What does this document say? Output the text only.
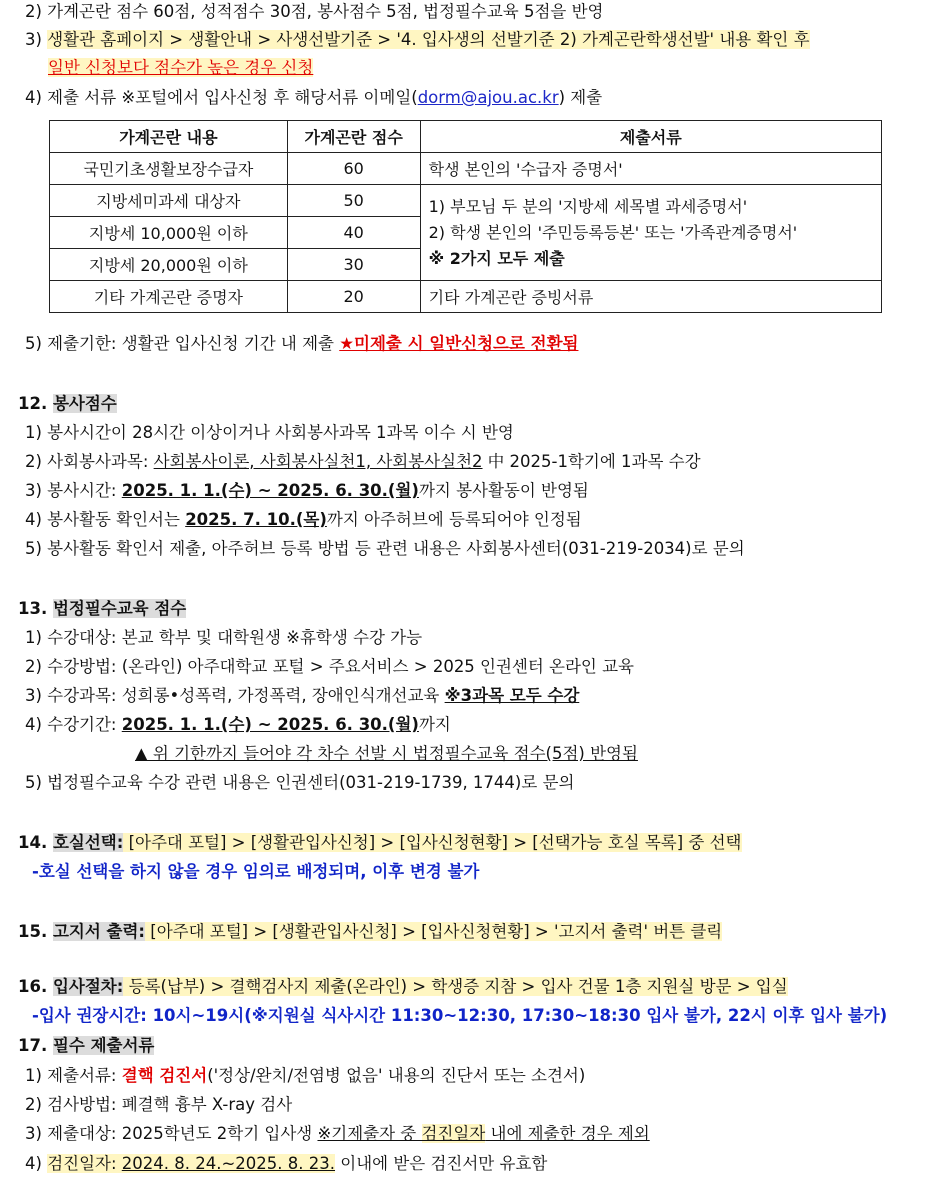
2) 가계곤란 점수 60점, 성적점수 30점, 봉사점수 5점, 법정필수교육 5점을 반영
3) 생활관 홈페이지 > 생활안내 > 사생선발기준 > '4. 입사생의 선발기준 2) 가계곤란학생선발' 내용 확인 후
일반 신청보다 점수가 높은 경우 신청
4) 제출 서류 ※포털에서 입사신청 후 해당서류 이메일(dorm@ajou.ac.kr) 제출
가계곤란 내용	가계곤란 점수	제출서류
국민기초생활보장수급자	60	학생 본인의 '수급자 증명서'
지방세미과세 대상자	50	1) 부모님 두 분의 '지방세 세목별 과세증명서'
2) 학생 본인의 '주민등록등본' 또는 '가족관계증명서'
※ 2가지 모두 제출

지방세 10,000원 이하	40	
지방세 20,000원 이하	30	
기타 가계곤란 증명자	20	기타 가계곤란 증빙서류
5) 제출기한: 생활관 입사신청 기간 내 제출 ★미제출 시 일반신청으로 전환됨
12. 봉사점수
1) 봉사시간이 28시간 이상이거나 사회봉사과목 1과목 이수 시 반영
2) 사회봉사과목: 사회봉사이론, 사회봉사실천1, 사회봉사실천2 中 2025-1학기에 1과목 수강
3) 봉사시간: 2025. 1. 1.(수) ~ 2025. 6. 30.(월)까지 봉사활동이 반영됨
4) 봉사활동 확인서는 2025. 7. 10.(목)까지 아주허브에 등록되어야 인정됨
5) 봉사활동 확인서 제출, 아주허브 등록 방법 등 관련 내용은 사회봉사센터(031-219-2034)로 문의
13. 법정필수교육 점수
1) 수강대상: 본교 학부 및 대학원생 ※휴학생 수강 가능
2) 수강방법: (온라인) 아주대학교 포털 > 주요서비스 > 2025 인권센터 온라인 교육
3) 수강과목: 성희롱•성폭력, 가정폭력, 장애인식개선교육 ※3과목 모두 수강
4) 수강기간: 2025. 1. 1.(수) ~ 2025. 6. 30.(월)까지
▲ 위 기한까지 들어야 각 차수 선발 시 법정필수교육 점수(5점) 반영됨
5) 법정필수교육 수강 관련 내용은 인권센터(031-219-1739, 1744)로 문의
14. 호실선택: [아주대 포털] > [생활관입사신청] > [입사신청현황] > [선택가능 호실 목록] 중 선택
-호실 선택을 하지 않을 경우 임의로 배정되며, 이후 변경 불가
15. 고지서 출력: [아주대 포털] > [생활관입사신청] > [입사신청현황] > '고지서 출력' 버튼 클릭
16. 입사절차: 등록(납부) > 결핵검사지 제출(온라인) > 학생증 지참 > 입사 건물 1층 지원실 방문 > 입실
-입사 권장시간: 10시~19시(※지원실 식사시간 11:30~12:30, 17:30~18:30 입사 불가, 22시 이후 입사 불가)
17. 필수 제출서류
1) 제출서류: 결핵 검진서('정상/완치/전염병 없음' 내용의 진단서 또는 소견서)
2) 검사방법: 폐결핵 흉부 X-ray 검사
3) 제출대상: 2025학년도 2학기 입사생 ※기제출자 중 검진일자 내에 제출한 경우 제외
4) 검진일자: 2024. 8. 24.~2025. 8. 23. 이내에 받은 검진서만 유효함
